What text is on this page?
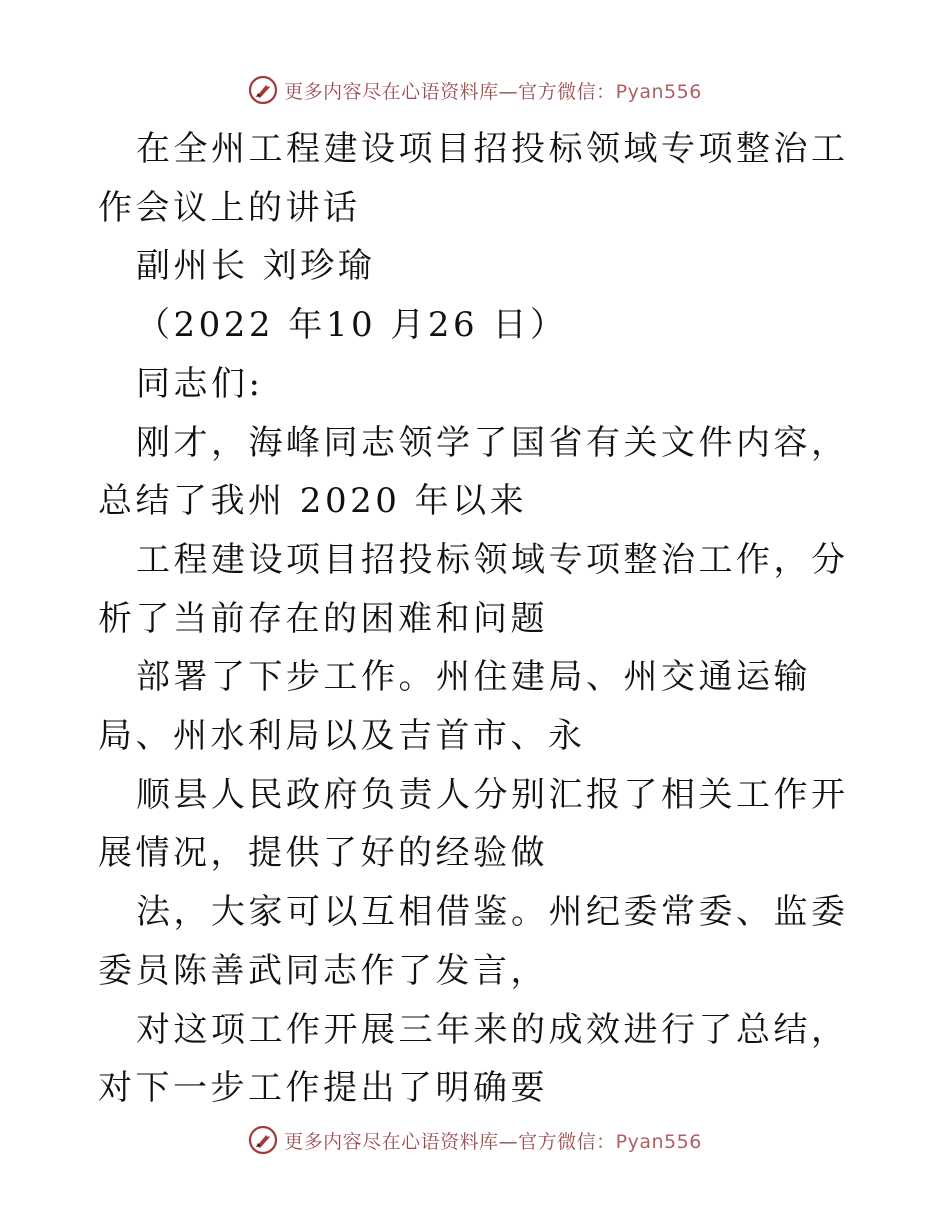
更多内容尽在心语资料库—官方微信：Pyan556

在全州工程建设项目招投标领域专项整治工作会议上的讲话

副州长 刘珍瑜

（2022 年10 月26 日）

同志们:

刚才，海峰同志领学了国省有关文件内容，总结了我州 2020 年以来

工程建设项目招投标领域专项整治工作，分析了当前存在的困难和问题

部署了下步工作。州住建局、州交通运输局、州水利局以及吉首市、永

顺县人民政府负责人分别汇报了相关工作开展情况，提供了好的经验做

法，大家可以互相借鉴。州纪委常委、监委委员陈善武同志作了发言，

对这项工作开展三年来的成效进行了总结，对下一步工作提出了明确要

更多内容尽在心语资料库—官方微信：Pyan556
